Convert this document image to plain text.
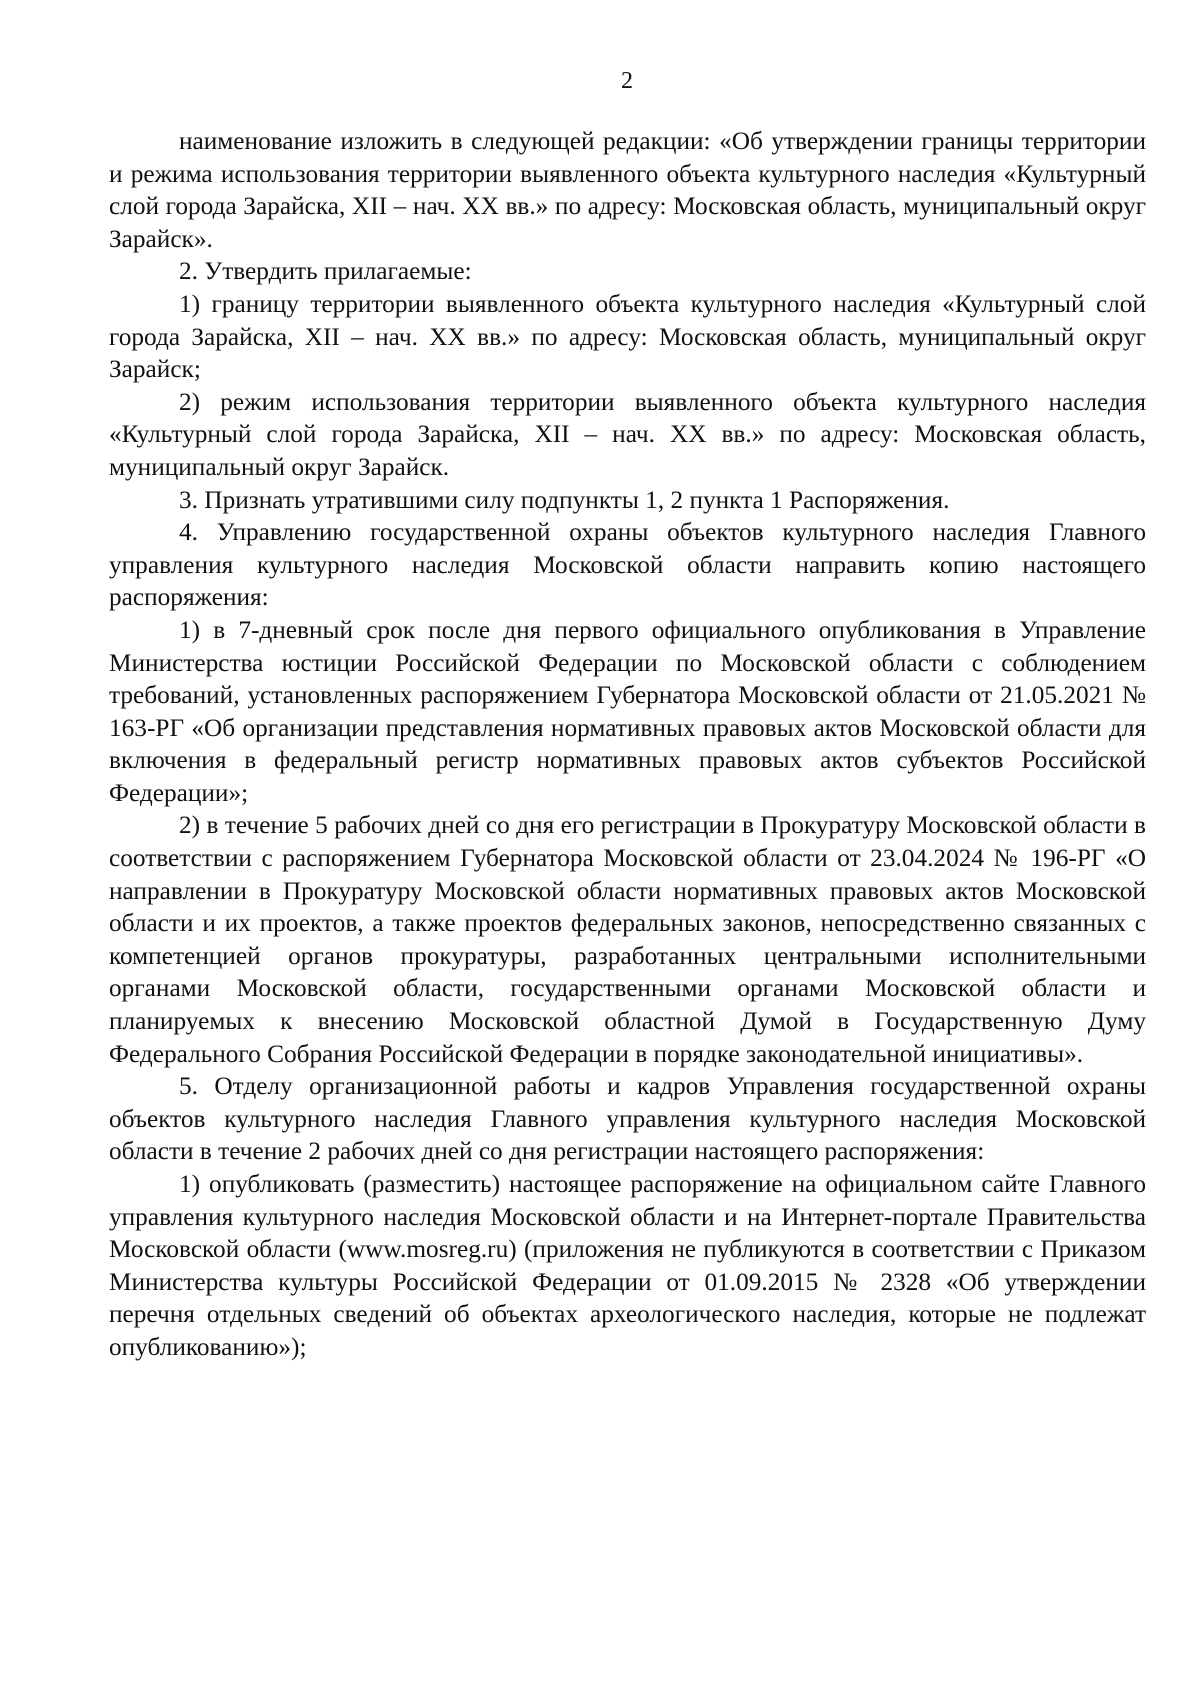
2

наименование изложить в следующей редакции: «Об утверждении границы территории и режима использования территории выявленного объекта культурного наследия «Культурный слой города Зарайска, XII – нач. XX вв.» по адресу: Московская область, муниципальный округ Зарайск».

2. Утвердить прилагаемые:

1) границу территории выявленного объекта культурного наследия «Культурный слой города Зарайска, XII – нач. XX вв.» по адресу: Московская область, муниципальный округ Зарайск;

2) режим использования территории выявленного объекта культурного наследия «Культурный слой города Зарайска, XII – нач. XX вв.» по адресу: Московская область, муниципальный округ Зарайск.

3. Признать утратившими силу подпункты 1, 2 пункта 1 Распоряжения.

4. Управлению государственной охраны объектов культурного наследия Главного управления культурного наследия Московской области направить копию настоящего распоряжения:

1) в 7-дневный срок после дня первого официального опубликования в Управление Министерства юстиции Российской Федерации по Московской области с соблюдением требований, установленных распоряжением Губернатора Московской области от 21.05.2021 № 163-РГ «Об организации представления нормативных правовых актов Московской области для включения в федеральный регистр нормативных правовых актов субъектов Российской Федерации»;

2) в течение 5 рабочих дней со дня его регистрации в Прокуратуру Московской области в соответствии с распоряжением Губернатора Московской области от 23.04.2024 № 196-РГ «О направлении в Прокуратуру Московской области нормативных правовых актов Московской области и их проектов, а также проектов федеральных законов, непосредственно связанных с компетенцией органов прокуратуры, разработанных центральными исполнительными органами Московской области, государственными органами Московской области и планируемых к внесению Московской областной Думой в Государственную Думу Федерального Собрания Российской Федерации в порядке законодательной инициативы».

5. Отделу организационной работы и кадров Управления государственной охраны объектов культурного наследия Главного управления культурного наследия Московской области в течение 2 рабочих дней со дня регистрации настоящего распоряжения:

1) опубликовать (разместить) настоящее распоряжение на официальном сайте Главного управления культурного наследия Московской области и на Интернет-портале Правительства Московской области (www.mosreg.ru) (приложения не публикуются в соответствии с Приказом Министерства культуры Российской Федерации от 01.09.2015 № 2328 «Об утверждении перечня отдельных сведений об объектах археологического наследия, которые не подлежат опубликованию»);
